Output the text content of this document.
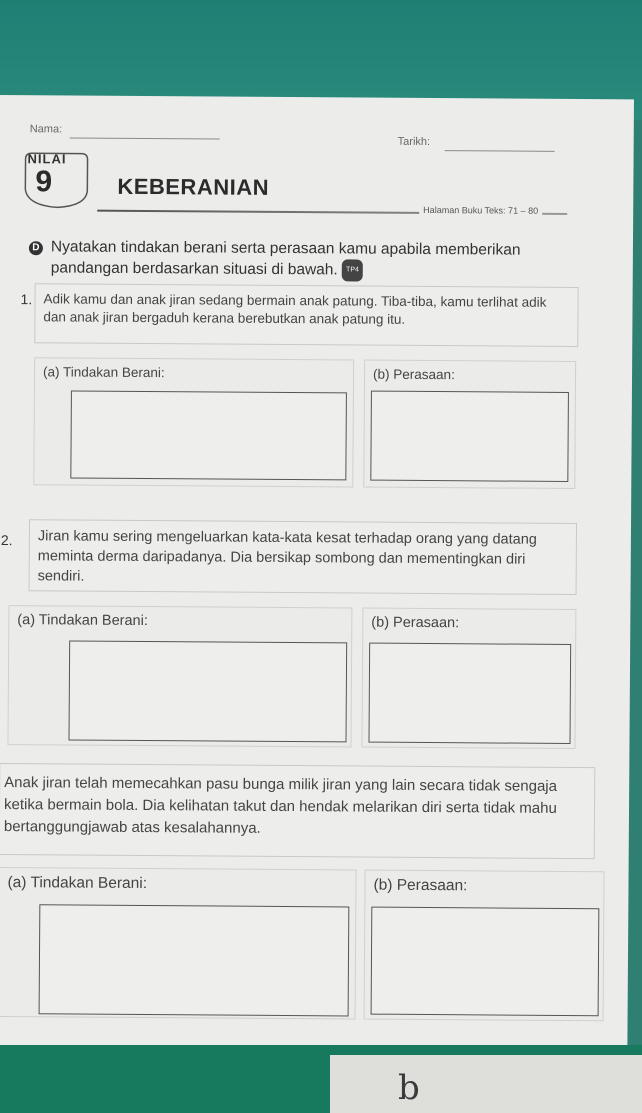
Nama:
Tarikh:
NILAI
9	KEBERANIAN
Halaman Buku Teks: 71 – 80
D Nyatakan tindakan berani serta perasaan kamu apabila memberikan pandangan berdasarkan situasi di bawah. TP4
1. Adik kamu dan anak jiran sedang bermain anak patung. Tiba-tiba, kamu terlihat adik dan anak jiran bergaduh kerana berebutkan anak patung itu.
(a) Tindakan Berani:	(b) Perasaan:
2.	Jiran kamu sering mengeluarkan kata-kata kesat terhadap orang yang datang meminta derma daripadanya. Dia bersikap sombong dan mementingkan diri sendiri.
(a) Tindakan Berani:	(b) Perasaan:
Anak jiran telah memecahkan pasu bunga milik jiran yang lain secara tidak sengaja ketika bermain bola. Dia kelihatan takut dan hendak melarikan diri serta tidak mahu bertanggungjawab atas kesalahannya.
(a) Tindakan Berani:	(b) Perasaan:
b
